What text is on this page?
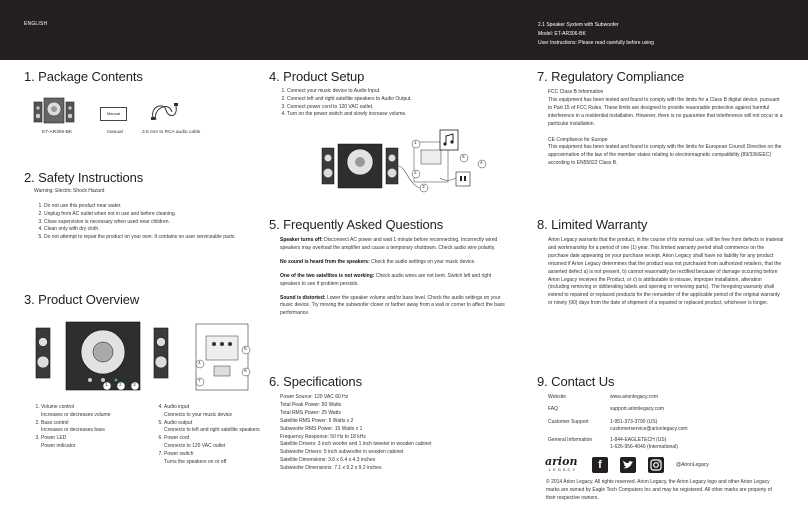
ENGLISH	2.1 Speaker System with Subwoofer
Model: ET-AR306-BK
User Instructions: Please read carefully before using
1. Package Contents
Manual
ET-AR306-BK	manual	3.5 mm to RCA audio cable
2. Safety Instructions
Warning: Electric Shock Hazard
1. Do not use this product near water.
2. Unplug from AC outlet when not in use and before cleaning.
3. Close supervision is necessary when used near children.
4. Clean only with dry cloth.
5. Do not attempt to repair the product on your own. It contains no user serviceable parts.
3. Product Overview
1 2 3
4
5
6
7
1. Volume control
Increases or decreases volume
2. Bass control
Increases or decreases bass
3. Power LED
Power indicator
4. Audio input
Connects to your music device
5. Audio output
Connects to left and right satellite speakers
6. Power cord
Connects to 120 VAC outlet
7. Power switch
Turns the speakers on or off
4. Product Setup
1. Connect your music device to Audio Input.
2. Connect left and right satellite speakers to Audio Output.
3. Connect power cord to 120 VAC outlet.
4. Turn on the power switch and slowly increase volume.
1
2
3
4
5
5. Frequently Asked Questions

Speaker turns off: Disconnect AC power and wait 1 minute before reconnecting. Incorrectly wired speakers may overload the amplifier and cause a temporary shutdown. Check audio wire polarity.

No sound is heard from the speakers: Check the audio settings on your music device.

One of the two satellites is not working: Check audio wires are not bent. Switch left and right speakers to see if problem persists.

Sound is distorted: Lower the speaker volume and/or bass level. Check the audio settings on your music device. Try moving the subwoofer closer or farther away from a wall or corner to affect the bass performance.

6. Specifications
Power Source: 120 VAC 60 Hz
Total Peak Power: 50 Watts
Total RMS Power: 25 Watts
Satellite RMS Power: 5 Watts x 2
Subwoofer RMS Power: 15 Watts x 1
Frequency Response: 50 Hz to 18 kHz
Satellite Drivers: 3 inch woofer and 1 inch tweeter in wooden cabinet
Subwoofer Drivers: 5 inch subwoofer in wooden cabinet
Satellite Dimensions: 3.6 x 6.4 x 4.3 inches
Subwoofer Dimensions: 7.1 x 9.2 x 9.2 inches
7. Regulatory Compliance
FCC Class B Information
This equipment has been tested and found to comply with the limits for a Class B digital device, pursuant to Part 15 of FCC Rules. These limits are designed to provide reasonable protection against harmful interference in a residential installation. However, there is no guarantee that interference will not occur in a particular installation.
CE Compliance for Europe
This equipment has been tested and found to comply with the limits for European Council Directive on the approximation of the law of the member states relating to electromagnetic compatibility (89/336/EEC) according to EN55022 Class B.
8. Limited Warranty
Arion Legacy warrants that the product, in the course of its normal use, will be free from defects in material and workmanship for a period of one (1) year. This limited warranty period shall commence on the purchase date appearing on your purchase receipt. Arion Legacy shall have no liability for any product returned if Arion Legacy determines that the product was not purchased from authorized retailers, that the asserted defect a) is not present, b) cannot reasonably be rectified because of damage occurring before Arion Legacy receives the Product, or c) is attributable to misuse, improper installation, alteration (including removing or obliterating labels and opening or removing parts). The foregoing warranty shall extend to repaired or replaced products for the remainder of the applicable period of the original warranty or ninety (90) days from the date of shipment of a repaired or replaced product, whichever is longer.
9. Contact Us
Website	www.arionlegacy.com
FAQ	support.arionlegacy.com
Customer Support	1-951-373-3790 (US)
customerservice@arionlegacy.com
General Information	1-844-EAGLETECH (US)
1-626-956-4040 (International)
arion
LEGACY	f	@ArionLegacy
© 2014 Arion Legacy. All rights reserved. Arion Legacy, the Arion Legacy logo and other Arion Legacy marks are owned by Eagle Tech Computers Inc and may be registered. All other marks are property of their respective owners.
